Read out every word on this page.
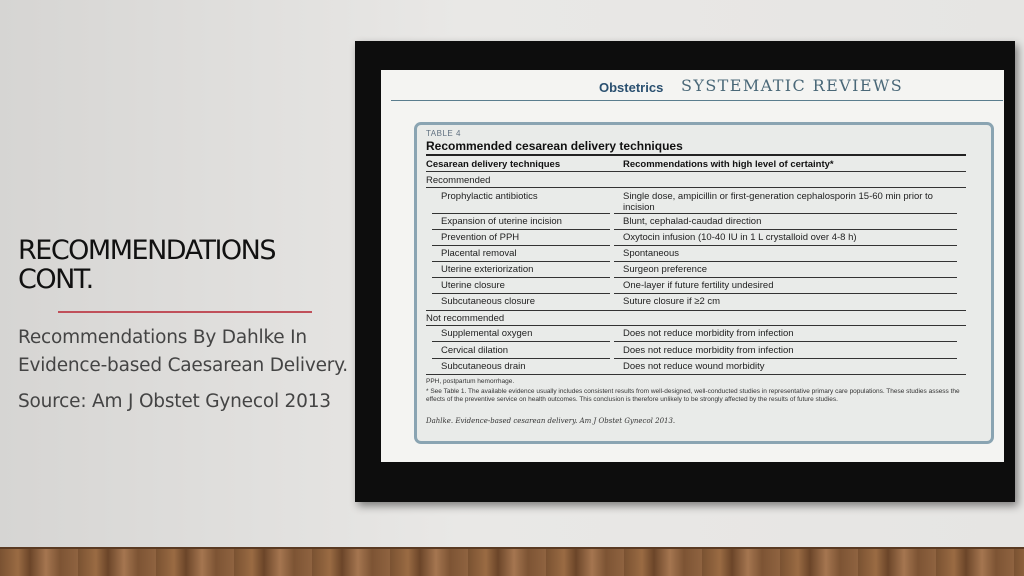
RECOMMENDATIONS
CONT.

Recommendations By Dahlke In Evidence-based Caesarean Delivery.

Source: Am J Obstet Gynecol 2013

Obstetrics SYSTEMATIC REVIEWS
TABLE 4
Recommended cesarean delivery techniques
Cesarean delivery techniques	Recommendations with high level of certainty*
Recommended
Prophylactic antibiotics	Single dose, ampicillin or first-generation cephalosporin 15-60 min prior to incision
Expansion of uterine incision	Blunt, cephalad-caudad direction
Prevention of PPH	Oxytocin infusion (10-40 IU in 1 L crystalloid over 4-8 h)
Placental removal	Spontaneous
Uterine exteriorization	Surgeon preference
Uterine closure	One-layer if future fertility undesired
Subcutaneous closure	Suture closure if ≥2 cm
Not recommended
Supplemental oxygen	Does not reduce morbidity from infection
Cervical dilation	Does not reduce morbidity from infection
Subcutaneous drain	Does not reduce wound morbidity
PPH, postpartum hemorrhage.
* See Table 1. The available evidence usually includes consistent results from well-designed, well-conducted studies in representative primary care populations. These studies assess the effects of the preventive service on health outcomes. This conclusion is therefore unlikely to be strongly affected by the results of future studies.
Dahlke. Evidence-based cesarean delivery. Am J Obstet Gynecol 2013.
